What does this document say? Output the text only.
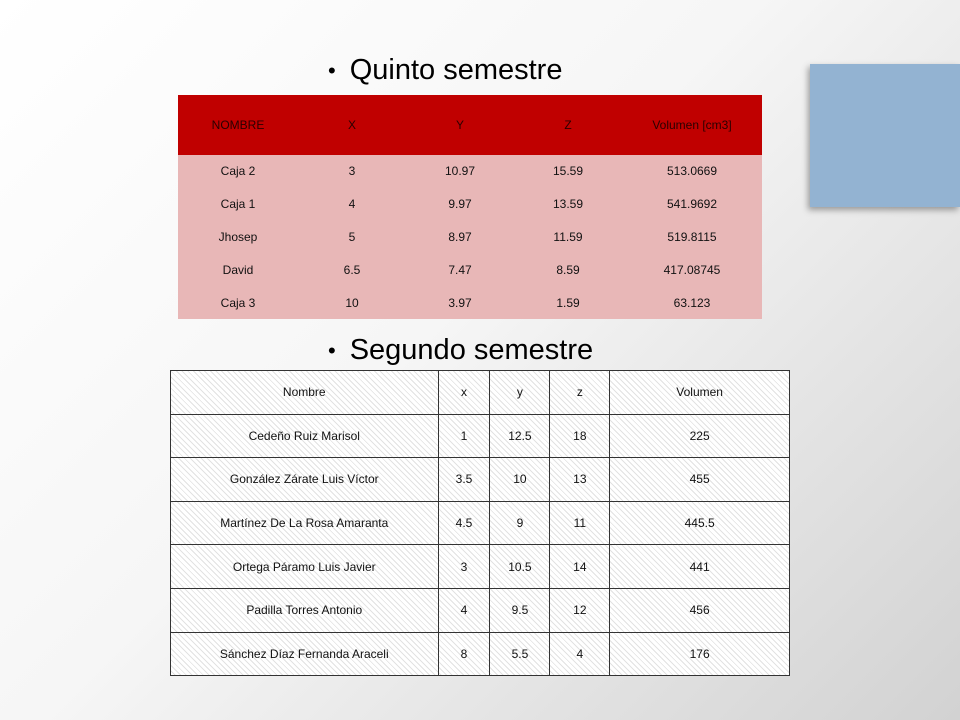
• Quinto semestre
NOMBRE	X	Y	Z	Volumen [cm3]
Caja 2	3	10.97	15.59	513.0669
Caja 1	4	9.97	13.59	541.9692
Jhosep	5	8.97	11.59	519.8115
David	6.5	7.47	8.59	417.08745
Caja 3	10	3.97	1.59	63.123
• Segundo semestre
Nombre	x	y	z	Volumen
Cedeño Ruiz Marisol	1	12.5	18	225
González Zárate Luis Víctor	3.5	10	13	455
Martínez De La Rosa Amaranta	4.5	9	11	445.5
Ortega Páramo Luis Javier	3	10.5	14	441
Padilla Torres Antonio	4	9.5	12	456
Sánchez Díaz Fernanda Araceli	8	5.5	4	176
